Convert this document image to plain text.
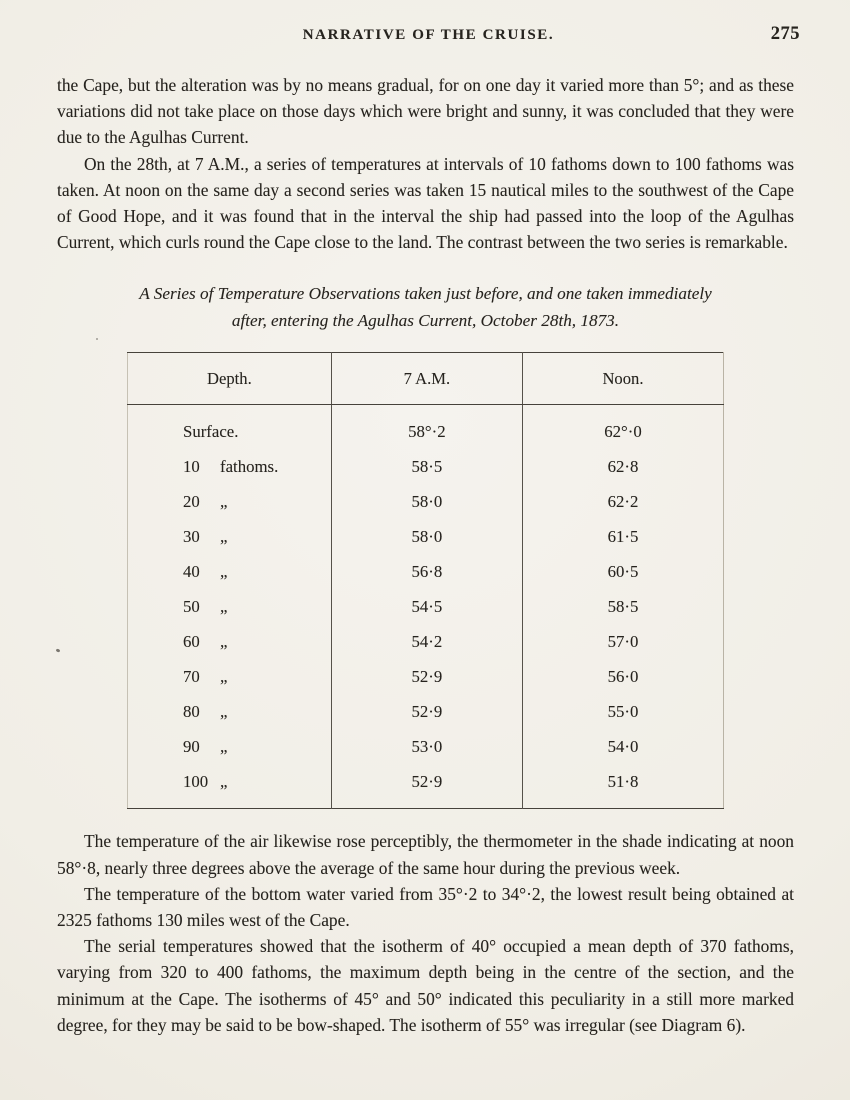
NARRATIVE OF THE CRUISE.	275

the Cape, but the alteration was by no means gradual, for on one day it varied more than 5°; and as these variations did not take place on those days which were bright and sunny, it was concluded that they were due to the Agulhas Current.

On the 28th, at 7 A.M., a series of temperatures at intervals of 10 fathoms down to 100 fathoms was taken. At noon on the same day a second series was taken 15 nautical miles to the southwest of the Cape of Good Hope, and it was found that in the interval the ship had passed into the loop of the Agulhas Current, which curls round the Cape close to the land. The contrast between the two series is remarkable.

A Series of Temperature Observations taken just before, and one taken immediately
after, entering the Agulhas Current, October 28th, 1873.
Depth.	7 A.M.	Noon.
Surface.	58°·2	62°·0
10 fathoms.	58·5	62·8
20 „	58·0	62·2
30 „	58·0	61·5
40 „	56·8	60·5
50 „	54·5	58·5
60 „	54·2	57·0
70 „	52·9	56·0
80 „	52·9	55·0
90 „	53·0	54·0
100 „	52·9	51·8

The temperature of the air likewise rose perceptibly, the thermometer in the shade indicating at noon 58°·8, nearly three degrees above the average of the same hour during the previous week.

The temperature of the bottom water varied from 35°·2 to 34°·2, the lowest result being obtained at 2325 fathoms 130 miles west of the Cape.

The serial temperatures showed that the isotherm of 40° occupied a mean depth of 370 fathoms, varying from 320 to 400 fathoms, the maximum depth being in the centre of the section, and the minimum at the Cape. The isotherms of 45° and 50° indicated this peculiarity in a still more marked degree, for they may be said to be bow-shaped. The isotherm of 55° was irregular (see Diagram 6).
